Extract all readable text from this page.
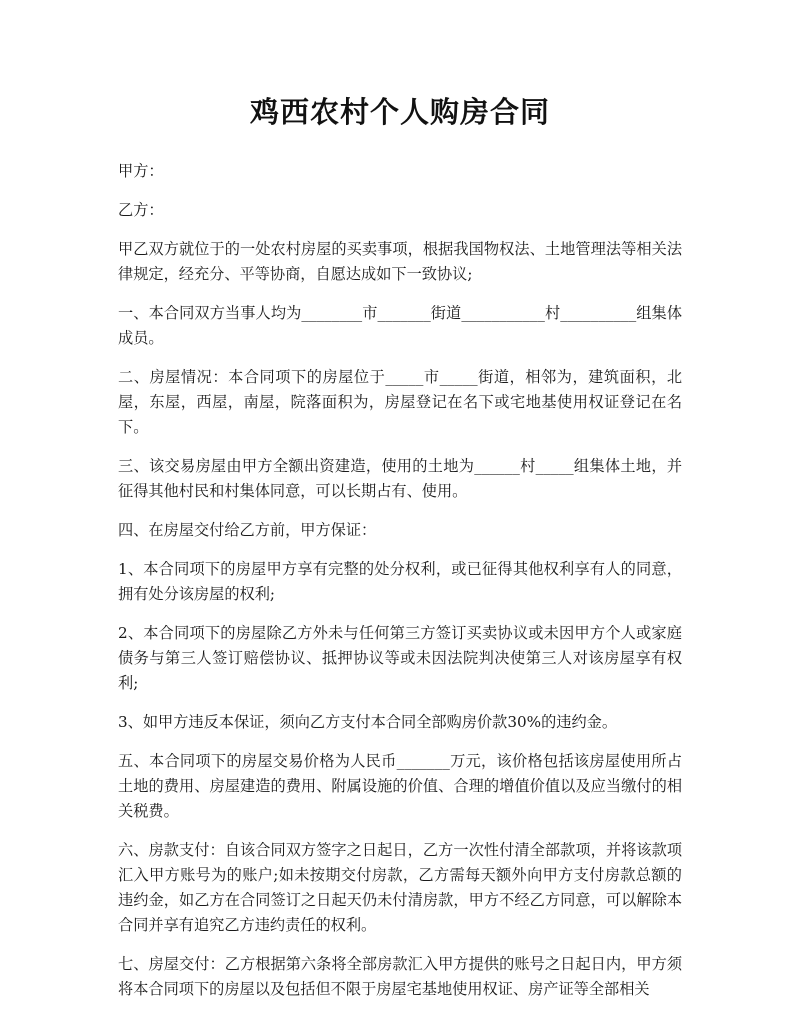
鸡西农村个人购房合同

甲方：

乙方：

甲乙双方就位于的一处农村房屋的买卖事项，根据我国物权法、土地管理法等相关法律规定，经充分、平等协商，自愿达成如下一致协议;

一、本合同双方当事人均为________市_______街道___________村__________组集体成员。

二、房屋情况：本合同项下的房屋位于_____市_____街道，相邻为，建筑面积，北屋，东屋，西屋，南屋，院落面积为，房屋登记在名下或宅地基使用权证登记在名下。

三、该交易房屋由甲方全额出资建造，使用的土地为______村_____组集体土地，并征得其他村民和村集体同意，可以长期占有、使用。

四、在房屋交付给乙方前，甲方保证：

1、本合同项下的房屋甲方享有完整的处分权利，或已征得其他权利享有人的同意，拥有处分该房屋的权利;

2、本合同项下的房屋除乙方外未与任何第三方签订买卖协议或未因甲方个人或家庭债务与第三人签订赔偿协议、抵押协议等或未因法院判决使第三人对该房屋享有权利;

3、如甲方违反本保证，须向乙方支付本合同全部购房价款30%的违约金。

五、本合同项下的房屋交易价格为人民币_______万元，该价格包括该房屋使用所占土地的费用、房屋建造的费用、附属设施的价值、合理的增值价值以及应当缴付的相关税费。

六、房款支付：自该合同双方签字之日起日，乙方一次性付清全部款项，并将该款项汇入甲方账号为的账户;如未按期交付房款，乙方需每天额外向甲方支付房款总额的违约金，如乙方在合同签订之日起天仍未付清房款，甲方不经乙方同意，可以解除本合同并享有追究乙方违约责任的权利。

七、房屋交付：乙方根据第六条将全部房款汇入甲方提供的账号之日起日内，甲方须将本合同项下的房屋以及包括但不限于房屋宅基地使用权证、房产证等全部相关
